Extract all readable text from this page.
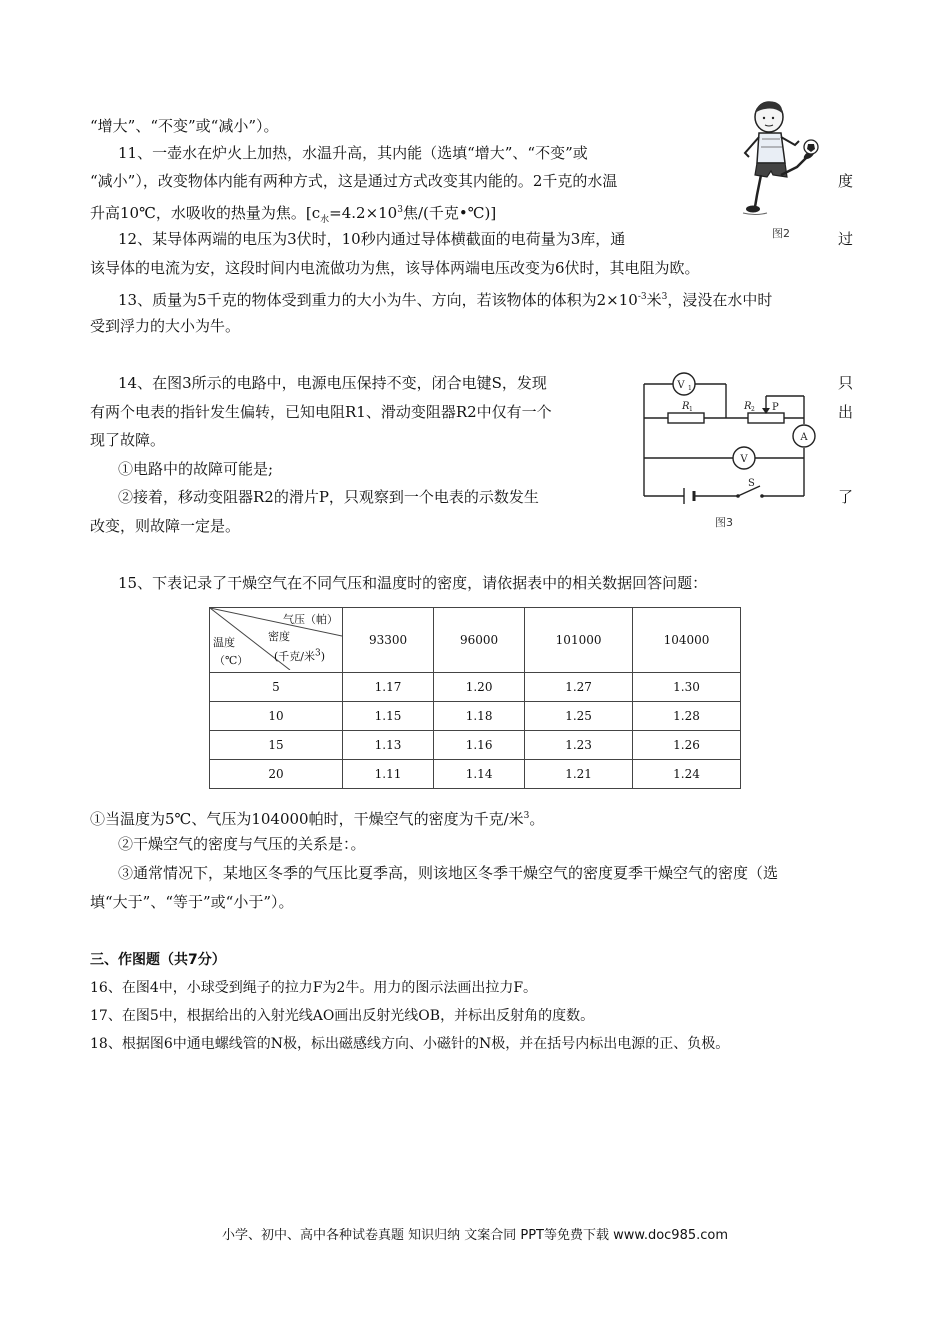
“增大”、“不变”或“减小”）。
11、一壶水在炉火上加热，水温升高，其内能（选填“增大”、“不变”或
“减小”），改变物体内能有两种方式，这是通过方式改变其内能的。2千克的水温	度
升高10℃，水吸收的热量为焦。[$c_水=4.2\times 10^3$焦/(千克•℃)]
图2
12、某导体两端的电压为3伏时，10秒内通过导体横截面的电荷量为3库，通	过
该导体的电流为安，这段时间内电流做功为焦，该导体两端电压改变为6伏时，其电阻为欧。
13、质量为5千克的物体受到重力的大小为牛、方向，若该物体的体积为$2\times 10^{-3}$米$^3$，浸没在水中时
受到浮力的大小为牛。
14、在图3所示的电路中，电源电压保持不变，闭合电键S，发现	只
有两个电表的指针发生偏转，已知电阻R1、滑动变阻器R2中仅有一个	出
现了故障。
①电路中的故障可能是;
②接着，移动变阻器R2的滑片P，只观察到一个电表的示数发生	了
改变，则故障一定是。
V 1
A
V
R 1	R 2 P
S
图3
15、下表记录了干燥空气在不同气压和温度时的密度，请依据表中的相关数据回答问题：
气压（帕）
密度
(千克/米$^3$)
温度
（℃）	93300	96000	101000	104000
5	1.17	1.20	1.27	1.30
10	1.15	1.18	1.25	1.28
15	1.13	1.16	1.23	1.26
20	1.11	1.14	1.21	1.24
①当温度为5℃、气压为104000帕时，干燥空气的密度为千克/米$^3$。
②干燥空气的密度与气压的关系是：。
③通常情况下，某地区冬季的气压比夏季高，则该地区冬季干燥空气的密度夏季干燥空气的密度（选
填“大于”、“等于”或“小于”）。
三、作图题（共7分）
16、在图4中，小球受到绳子的拉力F为2牛。用力的图示法画出拉力F。
17、在图5中，根据给出的入射光线AO画出反射光线OB，并标出反射角的度数。
18、根据图6中通电螺线管的N极，标出磁感线方向、小磁针的N极，并在括号内标出电源的正、负极。
小学、初中、高中各种试卷真题 知识归纳 文案合同 PPT等免费下载 www.doc985.com
